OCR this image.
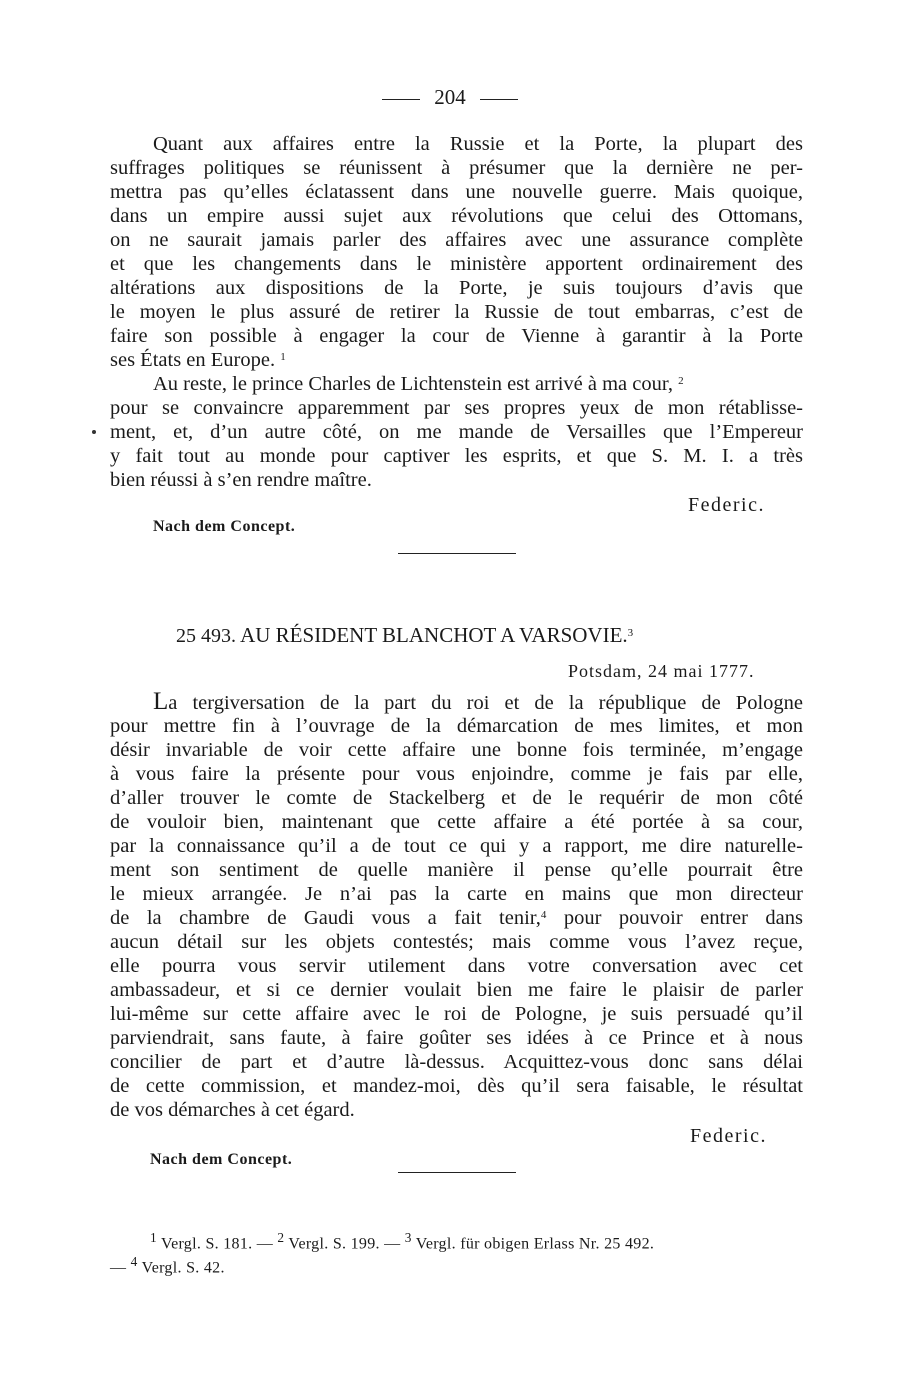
204
Quant aux affaires entre la Russie et la Porte, la plupart des
suffrages politiques se réunissent à présumer que la dernière ne per-
mettra pas qu’elles éclatassent dans une nouvelle guerre. Mais quoique,
dans un empire aussi sujet aux révolutions que celui des Ottomans,
on ne saurait jamais parler des affaires avec une assurance complète
et que les changements dans le ministère apportent ordinairement des
altérations aux dispositions de la Porte, je suis toujours d’avis que
le moyen le plus assuré de retirer la Russie de tout embarras, c’est de
faire son possible à engager la cour de Vienne à garantir à la Porte
ses États en Europe. $^1$
Au reste, le prince Charles de Lichtenstein est arrivé à ma cour, $^2$
pour se convaincre apparemment par ses propres yeux de mon rétablisse-
ment, et, d’un autre côté, on me mande de Versailles que l’Empereur
y fait tout au monde pour captiver les esprits, et que S. M. I. a très
bien réussi à s’en rendre maître.
Federic.
Nach dem Concept.
25 493. AU RÉSIDENT BLANCHOT A VARSOVIE.$^3$
Potsdam, 24 mai 1777.
La tergiversation de la part du roi et de la république de Pologne
pour mettre fin à l’ouvrage de la démarcation de mes limites, et mon
désir invariable de voir cette affaire une bonne fois terminée, m’engage
à vous faire la présente pour vous enjoindre, comme je fais par elle,
d’aller trouver le comte de Stackelberg et de le requérir de mon côté
de vouloir bien, maintenant que cette affaire a été portée à sa cour,
par la connaissance qu’il a de tout ce qui y a rapport, me dire naturelle-
ment son sentiment de quelle manière il pense qu’elle pourrait être
le mieux arrangée. Je n’ai pas la carte en mains que mon directeur
de la chambre de Gaudi vous a fait tenir,$^4$ pour pouvoir entrer dans
aucun détail sur les objets contestés; mais comme vous l’avez reçue,
elle pourra vous servir utilement dans votre conversation avec cet
ambassadeur, et si ce dernier voulait bien me faire le plaisir de parler
lui-même sur cette affaire avec le roi de Pologne, je suis persuadé qu’il
parviendrait, sans faute, à faire goûter ses idées à ce Prince et à nous
concilier de part et d’autre là-dessus. Acquittez-vous donc sans délai
de cette commission, et mandez-moi, dès qu’il sera faisable, le résultat
de vos démarches à cet égard.
Federic.
Nach dem Concept.
$^1$ Vergl. S. 181. — $^2$ Vergl. S. 199. — $^3$ Vergl. für obigen Erlass Nr. 25 492.
— $^4$ Vergl. S. 42.
